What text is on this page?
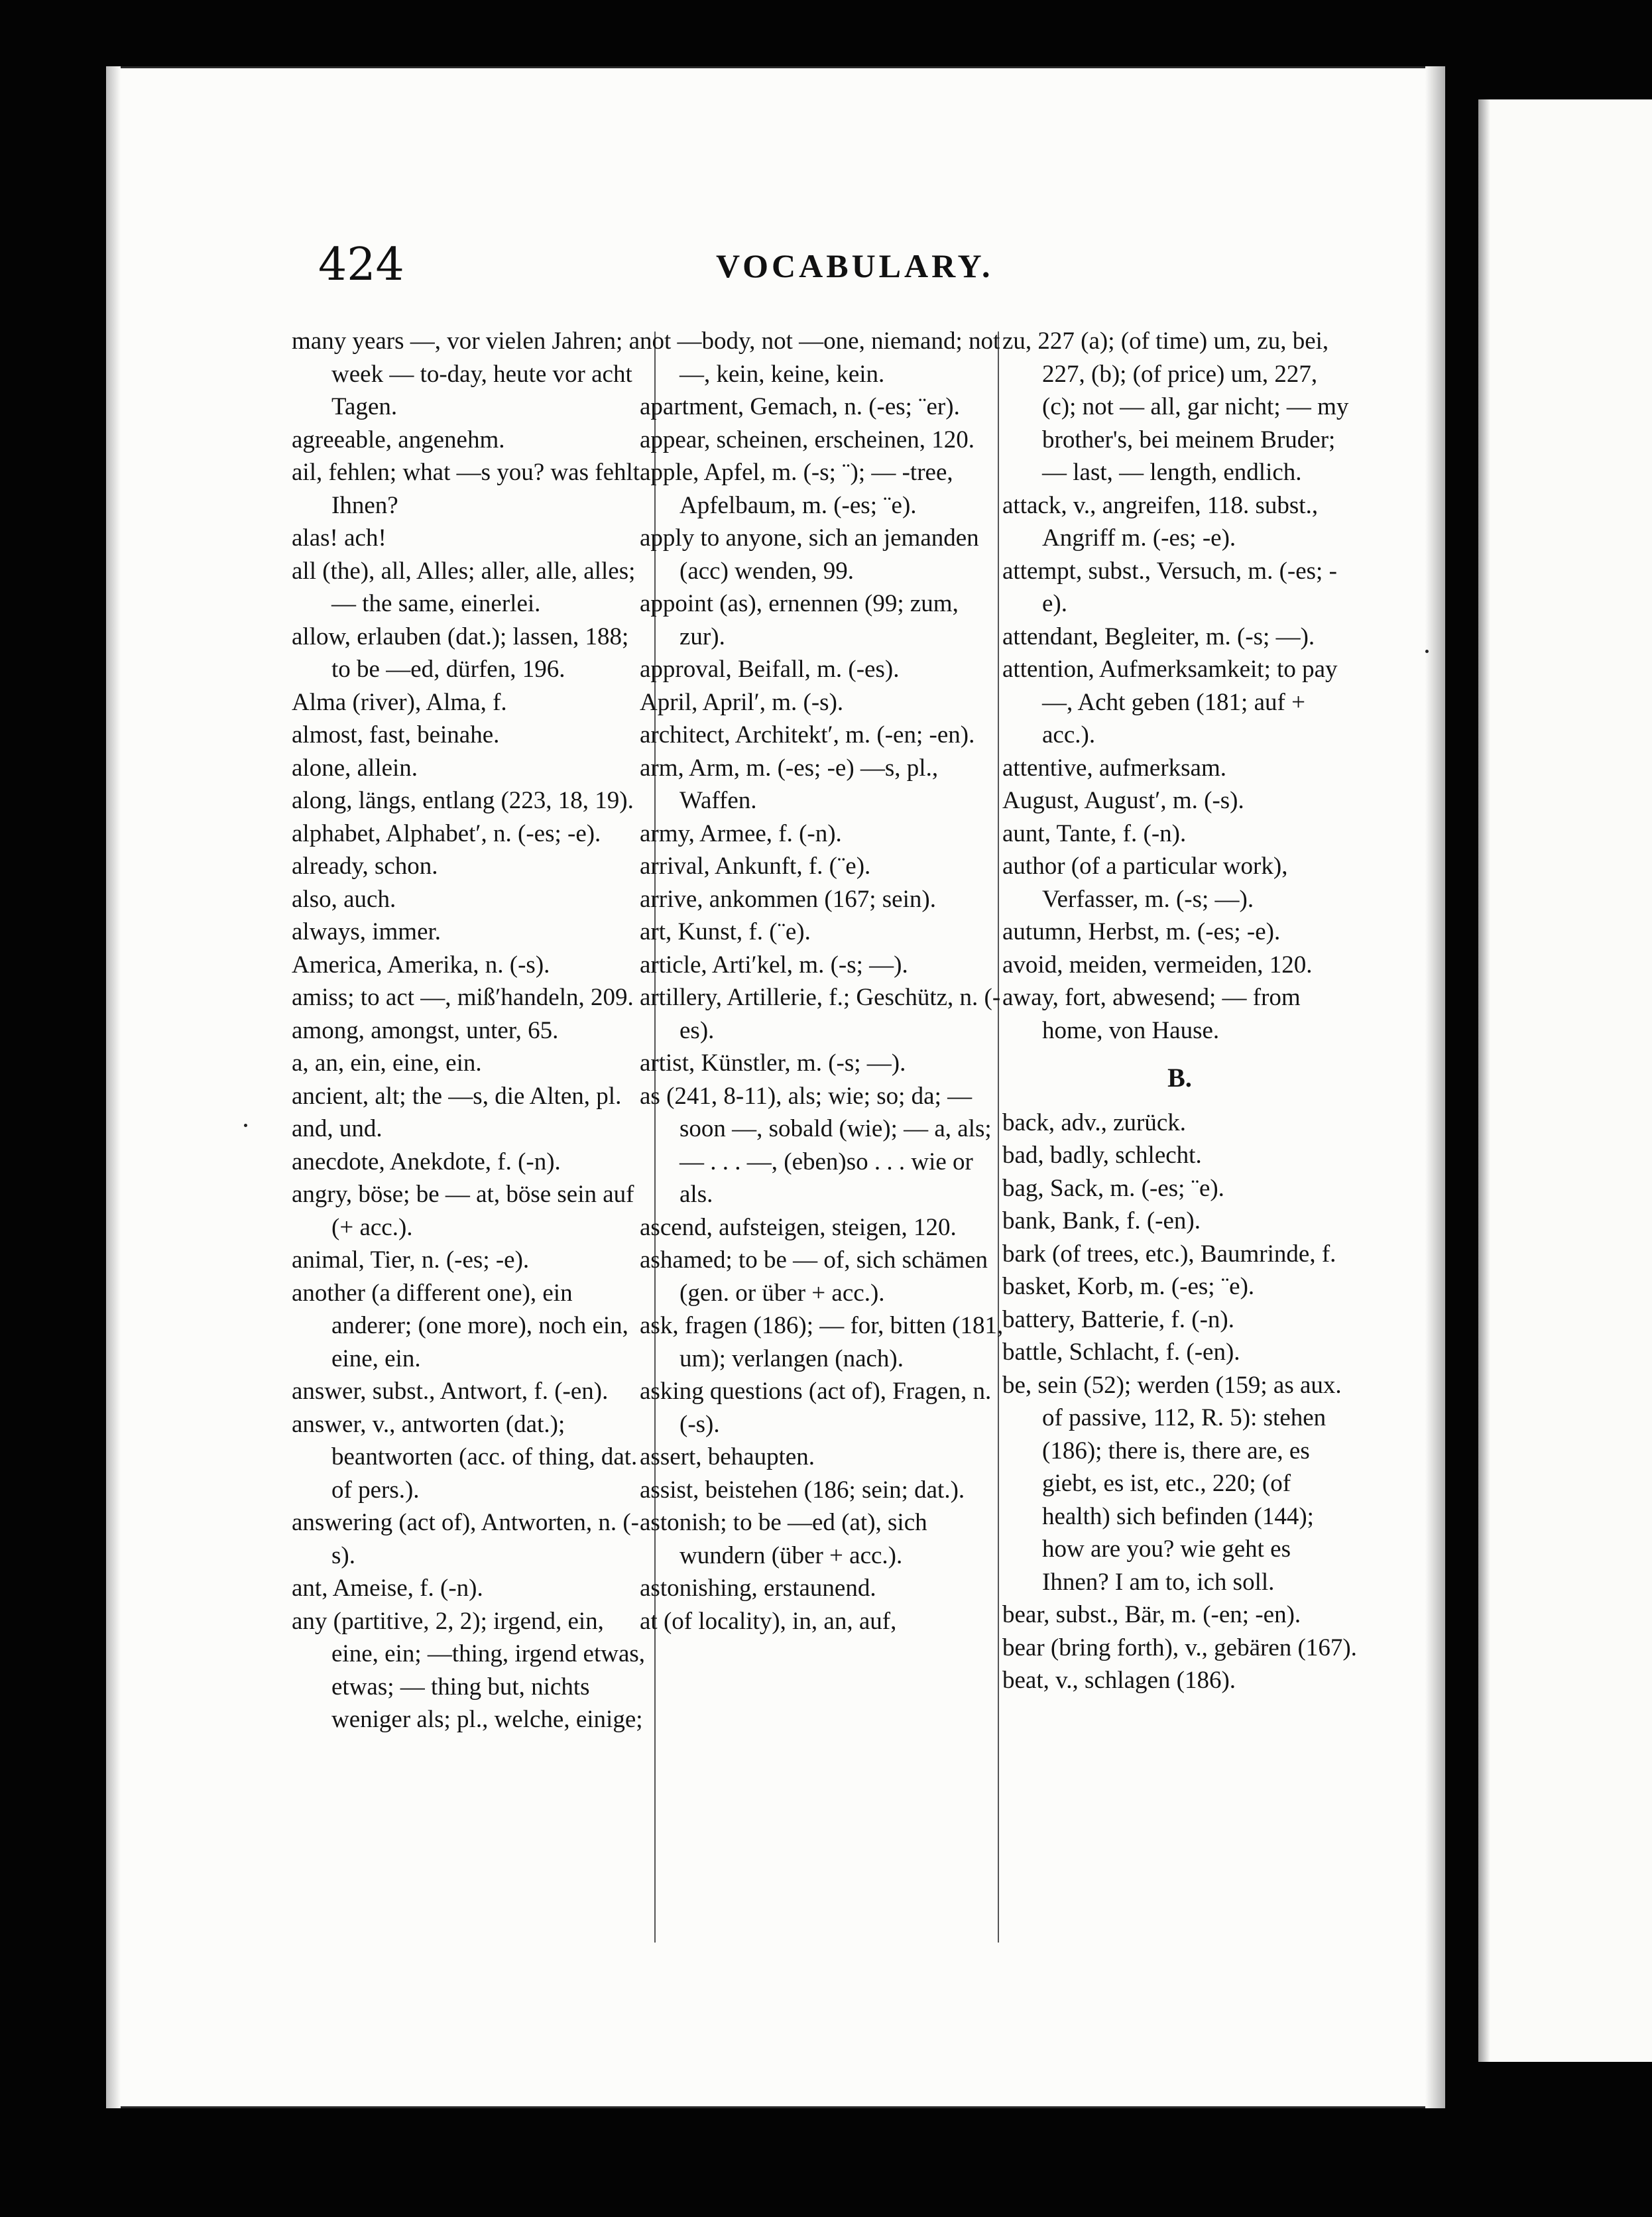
424	VOCABULARY.

many years —, vor vielen Jahren; a week — to-day, heute vor acht Tagen.

agreeable, angenehm.

ail, fehlen; what —s you? was fehlt Ihnen?

alas! ach!

all (the), all, Alles; aller, alle, alles; — the same, einerlei.

allow, erlauben (dat.); lassen, 188; to be —ed, dürfen, 196.

Alma (river), Alma, f.

almost, fast, beinahe.

alone, allein.

along, längs, entlang (223, 18, 19).

alphabet, Alphabet′, n. (-es; -e).

already, schon.

also, auch.

always, immer.

America, Amerika, n. (-s).

amiss; to act —, miß′handeln, 209.

among, amongst, unter, 65.

a, an, ein, eine, ein.

ancient, alt; the —s, die Alten, pl.

and, und.

anecdote, Anekdote, f. (-n).

angry, böse; be — at, böse sein auf (+ acc.).

animal, Tier, n. (-es; -e).

another (a different one), ein anderer; (one more), noch ein, eine, ein.

answer, subst., Antwort, f. (-en).

answer, v., antworten (dat.); beantworten (acc. of thing, dat. of pers.).

answering (act of), Antworten, n. (-s).

ant, Ameise, f. (-n).

any (partitive, 2, 2); irgend, ein, eine, ein; —thing, irgend etwas, etwas; — thing but, nichts weniger als; pl., welche, einige;

not —body, not —one, niemand; not —, kein, keine, kein.

apartment, Gemach, n. (-es; ¨er).

appear, scheinen, erscheinen, 120.

apple, Apfel, m. (-s; ¨); — -tree, Apfelbaum, m. (-es; ¨e).

apply to anyone, sich an jemanden (acc) wenden, 99.

appoint (as), ernennen (99; zum, zur).

approval, Beifall, m. (-es).

April, April′, m. (-s).

architect, Architekt′, m. (-en; -en).

arm, Arm, m. (-es; -e) —s, pl., Waffen.

army, Armee, f. (-n).

arrival, Ankunft, f. (¨e).

arrive, ankommen (167; sein).

art, Kunst, f. (¨e).

article, Arti′kel, m. (-s; —).

artillery, Artillerie, f.; Geschütz, n. (-es).

artist, Künstler, m. (-s; —).

as (241, 8-11), als; wie; so; da; — soon —, sobald (wie); — a, als; — . . . —, (eben)so . . . wie or als.

ascend, aufsteigen, steigen, 120.

ashamed; to be — of, sich schämen (gen. or über + acc.).

ask, fragen (186); — for, bitten (181, um); verlangen (nach).

asking questions (act of), Fragen, n. (-s).

assert, behaupten.

assist, beistehen (186; sein; dat.).

astonish; to be —ed (at), sich wundern (über + acc.).

astonishing, erstaunend.

at (of locality), in, an, auf,

zu, 227 (a); (of time) um, zu, bei, 227, (b); (of price) um, 227, (c); not — all, gar nicht; — my brother's, bei meinem Bruder; — last, — length, endlich.

attack, v., angreifen, 118. subst., Angriff m. (-es; -e).

attempt, subst., Versuch, m. (-es; -e).

attendant, Begleiter, m. (-s; —).

attention, Aufmerksamkeit; to pay —, Acht geben (181; auf + acc.).

attentive, aufmerksam.

August, August′, m. (-s).

aunt, Tante, f. (-n).

author (of a particular work), Verfasser, m. (-s; —).

autumn, Herbst, m. (-es; -e).

avoid, meiden, vermeiden, 120.

away, fort, abwesend; — from home, von Hause.

B.

back, adv., zurück.

bad, badly, schlecht.

bag, Sack, m. (-es; ¨e).

bank, Bank, f. (-en).

bark (of trees, etc.), Baumrinde, f.

basket, Korb, m. (-es; ¨e).

battery, Batterie, f. (-n).

battle, Schlacht, f. (-en).

be, sein (52); werden (159; as aux. of passive, 112, R. 5): stehen (186); there is, there are, es giebt, es ist, etc., 220; (of health) sich befinden (144); how are you? wie geht es Ihnen? I am to, ich soll.

bear, subst., Bär, m. (-en; -en).

bear (bring forth), v., gebären (167).

beat, v., schlagen (186).
